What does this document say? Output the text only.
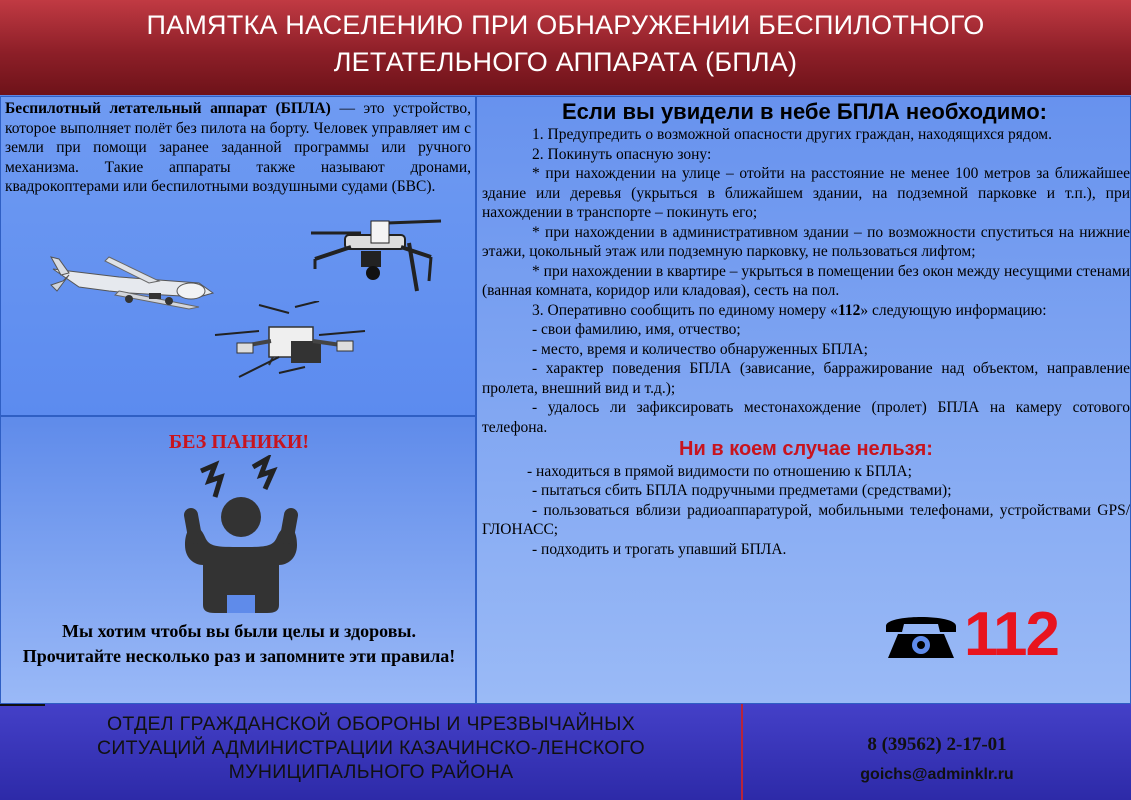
ПАМЯТКА НАСЕЛЕНИЮ ПРИ ОБНАРУЖЕНИИ БЕСПИЛОТНОГО
ЛЕТАТЕЛЬНОГО АППАРАТА (БПЛА)
Беспилотный летательный аппарат (БПЛА) — это устройство, которое выполняет полёт без пилота на борту. Человек управляет им с земли при помощи заранее заданной программы или ручного механизма. Такие аппараты также называют дронами, квадрокоптерами или беспилотными воздушными судами (БВС).
БЕЗ ПАНИКИ!
Мы хотим чтобы вы были целы и здоровы. Прочитайте несколько раз и запомните эти правила!
Если вы увидели в небе БПЛА необходимо:

1. Предупредить о возможной опасности других граждан, находящихся рядом.

2. Покинуть опасную зону:

* при нахождении на улице – отойти на расстояние не менее 100 метров за ближайшее здание или деревья (укрыться в ближайшем здании, на подземной парковке и т.п.), при нахождении в транспорте – покинуть его;

* при нахождении в административном здании – по возможности спуститься на нижние этажи, цокольный этаж или подземную парковку, не пользоваться лифтом;

* при нахождении в квартире – укрыться в помещении без окон между несущими стенами (ванная комната, коридор или кладовая), сесть на пол.

3. Оперативно сообщить по единому номеру «112» следующую информацию:

- свои фамилию, имя, отчество;

- место, время и количество обнаруженных БПЛА;

- характер поведения БПЛА (зависание, барражирование над объектом, направление пролета, внешний вид и т.д.);

- удалось ли зафиксировать местонахождение (пролет) БПЛА на камеру сотового телефона.

Ни в коем случае нельзя:

- находиться в прямой видимости по отношению к БПЛА;

- пытаться сбить БПЛА подручными предметами (средствами);

- пользоваться вблизи радиоаппаратурой, мобильными телефонами, устройствами GPS/ГЛОНАСС;

- подходить и трогать упавший БПЛА.

112
ОТДЕЛ ГРАЖДАНСКОЙ ОБОРОНЫ И ЧРЕЗВЫЧАЙНЫХ
СИТУАЦИЙ АДМИНИСТРАЦИИ КАЗАЧИНСКО-ЛЕНСКОГО
МУНИЦИПАЛЬНОГО РАЙОНА
8 (39562) 2-17-01
goichs@adminklr.ru
